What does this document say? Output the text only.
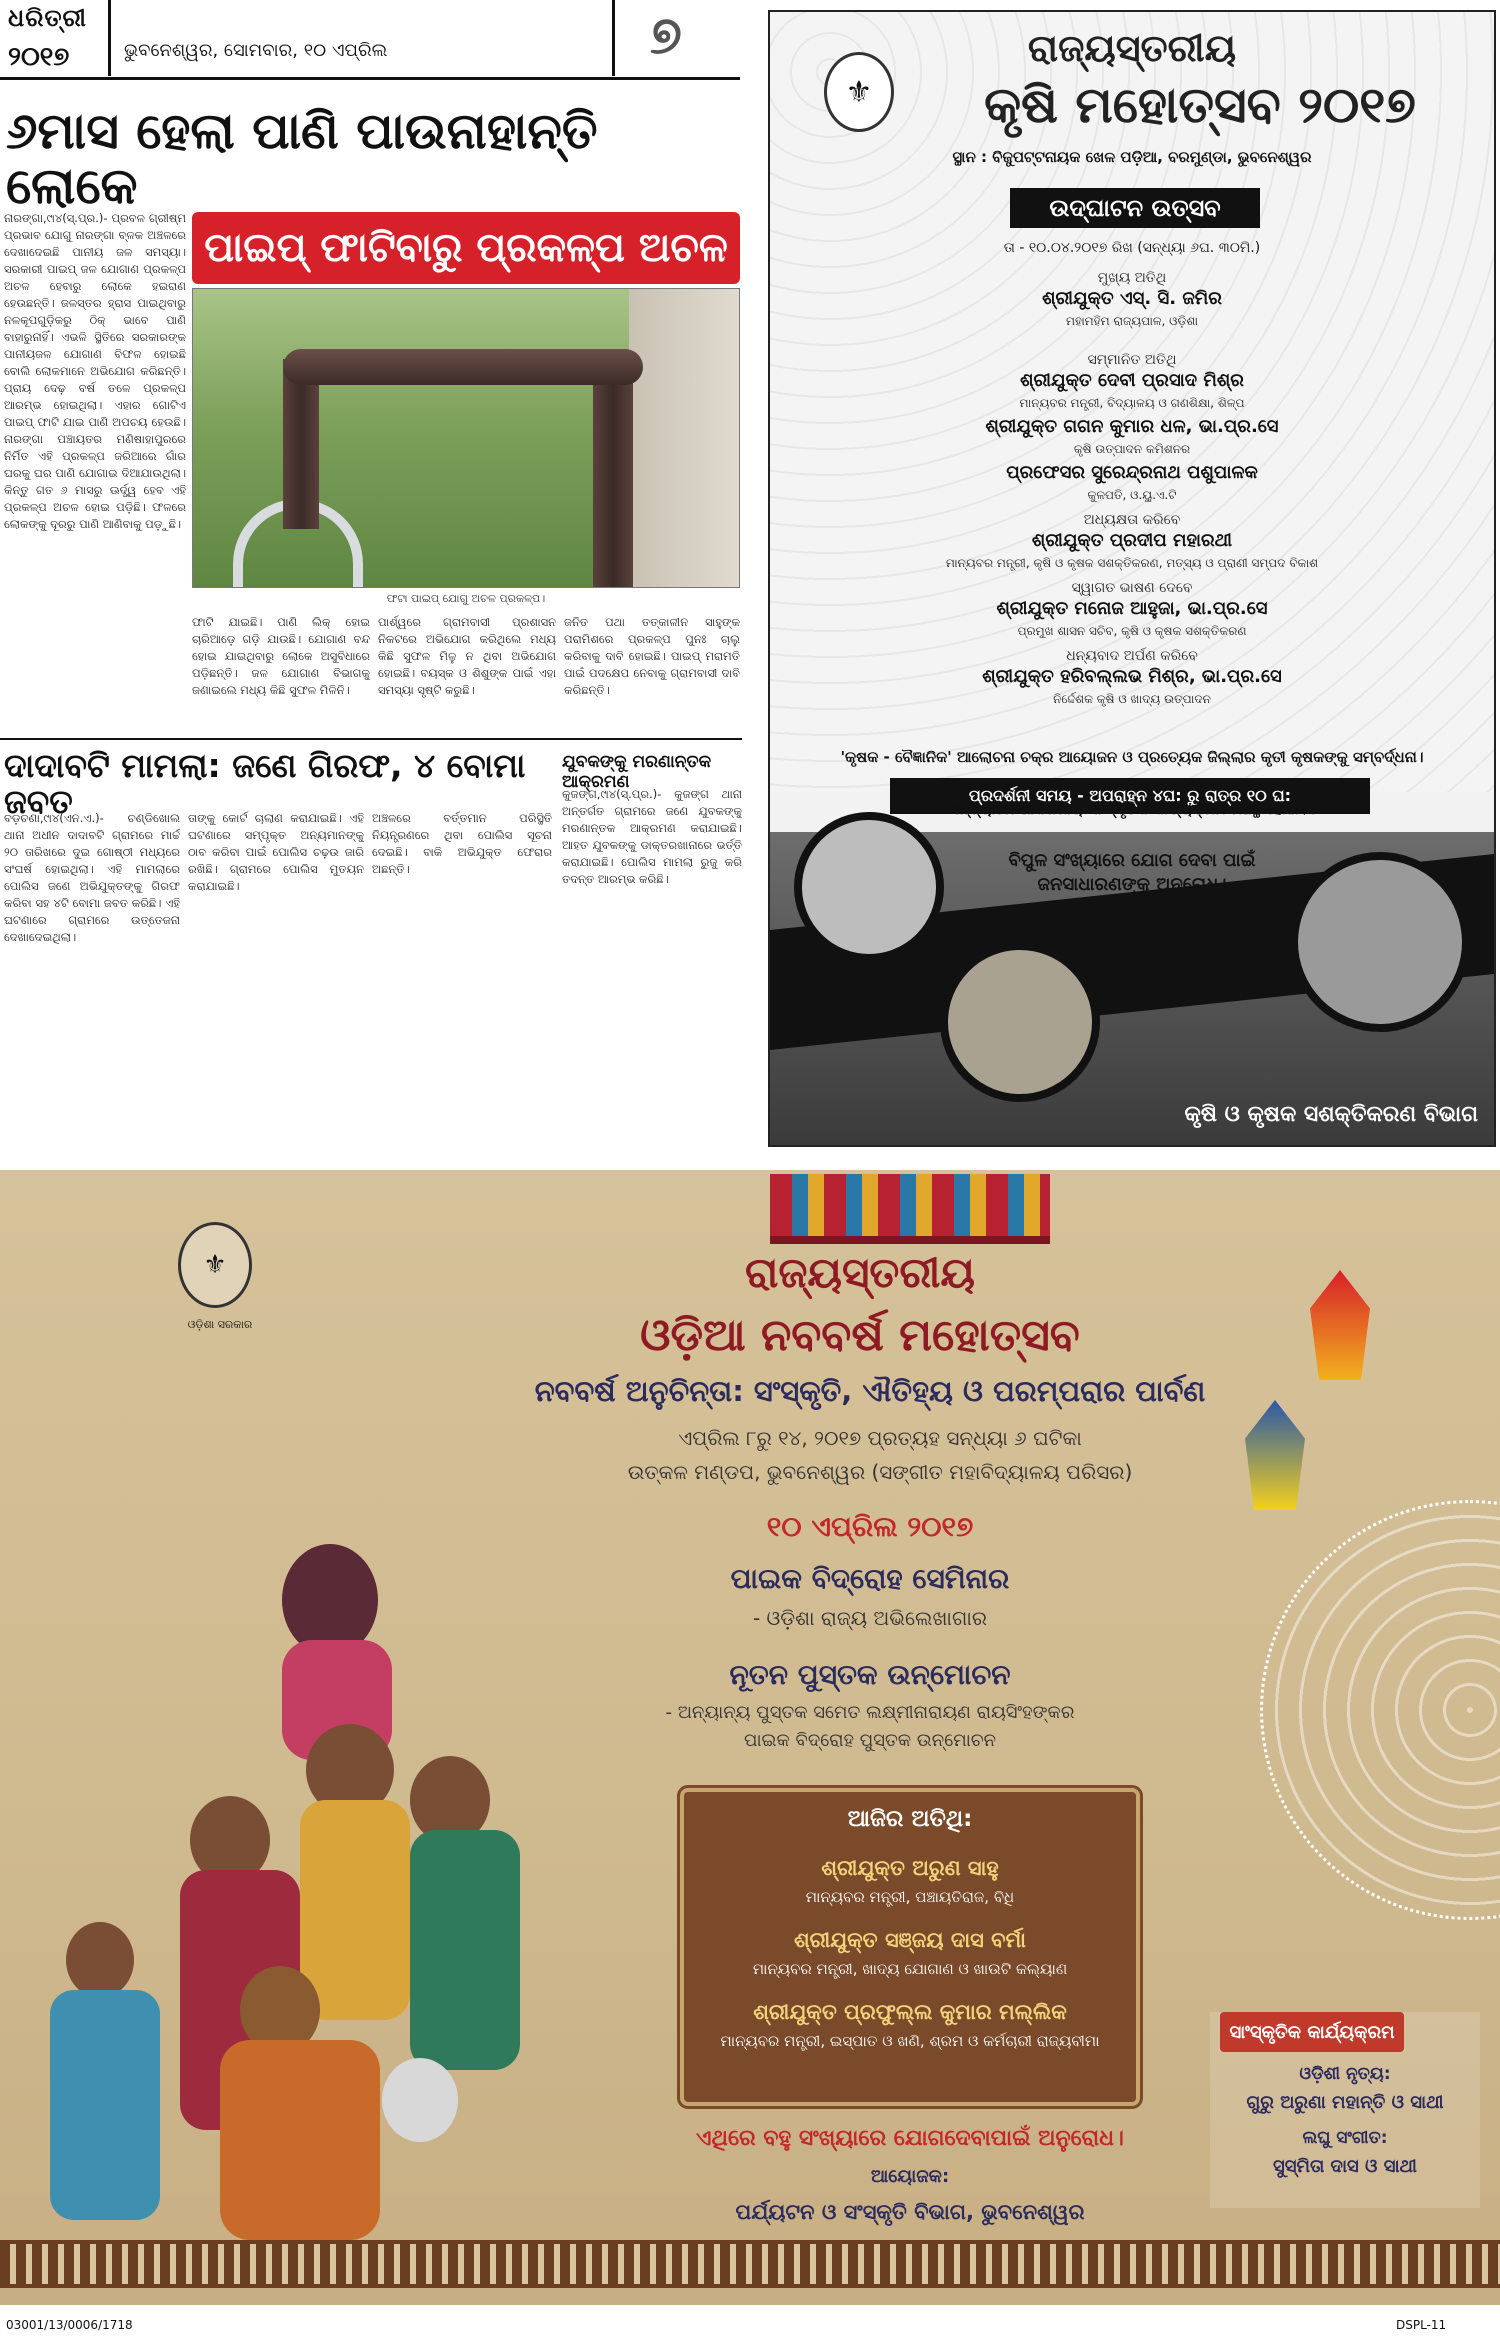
ଧରିତ୍ରୀ
୨୦୧୭	ଭୁବନେଶ୍ୱର, ସୋମବାର, ୧୦ ଏପ୍ରିଲ	୭
୬ମାସ ହେଲା ପାଣି ପାଉନାହାନ୍ତି ଲୋକେ
ନାରଙ୍ଗା,୯ା୪(ସ୍.ପ୍ର.)- ପ୍ରବଳ ଗ୍ରୀଷ୍ମ ପ୍ରଭାବ ଯୋଗୁ ନାରଙ୍ଗା ବ୍ଳକ ଅଞ୍ଚଳରେ ଦେଖାଦେଇଛି ପାନୀୟ ଜଳ ସମସ୍ୟା। ସରକାରୀ ପାଇପ୍ ଜଳ ଯୋଗାଣ ପ୍ରକଳ୍ପ ଅଚଳ ହେବାରୁ ଲୋକେ ହଇରାଣ ହେଉଛନ୍ତି। ଜଳସ୍ତର ହ୍ରାସ ପାଇଥିବାରୁ ନଳକୂପଗୁଡ଼ିକରୁ ଠିକ୍ ଭାବେ ପାଣି ବାହାରୁନାହିଁ। ଏଭଳି ସ୍ଥିତିରେ ସରକାରଙ୍କ ପାନୀୟଜଳ ଯୋଗାଣ ବିଫଳ ହୋଇଛି ବୋଲି ଲୋକମାନେ ଅଭିଯୋଗ କରିଛନ୍ତି। ପ୍ରାୟ ଦେଢ଼ ବର୍ଷ ତଳେ ପ୍ରକଳ୍ପ ଆରମ୍ଭ ହୋଇଥିଲା। ଏହାର ଗୋଟିଏ ପାଇପ୍ ଫାଟି ଯାଇ ପାଣି ଅପଚୟ ହେଉଛି। ନାରଙ୍ଗା ପଞ୍ଚାୟତର ମଣିଷାହାପୁରରେ ନିର୍ମିତ ଏହି ପ୍ରକଳ୍ପ ଜରିଆରେ ଗାଁର ଘରକୁ ଘର ପାଣି ଯୋଗାଇ ଦିଆଯାଉଥିଲା। କିନ୍ତୁ ଗତ ୬ ମାସରୁ ଊର୍ଦ୍ଧ୍ୱ ହେବ ଏହି ପ୍ରକଳ୍ପ ଅଚଳ ହୋଇ ପଡ଼ିଛି। ଫଳରେ ଲୋକଙ୍କୁ ଦୂରରୁ ପାଣି ଆଣିବାକୁ ପଡ଼ୁଛି।
ପାଇପ୍ ଫାଟିବାରୁ ପ୍ରକଳ୍ପ ଅଚଳ
ଫଟା ପାଇପ୍ ଯୋଗୁ ଅଚଳ ପ୍ରକଳ୍ପ।
ଫାଟି ଯାଇଛି। ପାଣି ଲିକ୍ ହୋଇ ଚାରିଆଡ଼େ ଗଡ଼ି ଯାଉଛି। ଯୋଗାଣ ବନ୍ଦ ହୋଇ ଯାଇଥିବାରୁ ଲୋକେ ଅସୁବିଧାରେ ପଡ଼ିଛନ୍ତି। ଜଳ ଯୋଗାଣ ବିଭାଗକୁ ଜଣାଇଲେ ମଧ୍ୟ କିଛି ସୁଫଳ ମିଳିନି।
ପାର୍ଶ୍ୱରେ ଗ୍ରାମବାସୀ ପ୍ରଶାସନ ନିକଟରେ ଅଭିଯୋଗ କରିଥିଲେ ମଧ୍ୟ କିଛି ସୁଫଳ ମିଳୁ ନ ଥିବା ଅଭିଯୋଗ ହୋଇଛି। ବୟସ୍କ ଓ ଶିଶୁଙ୍କ ପାଇଁ ଏହା ସମସ୍ୟା ସୃଷ୍ଟି କରୁଛି।
ଜନିତ ପଥା ତତ୍‌କାଳୀନ ସାହୁଙ୍କ ପରାମିଶରେ ପ୍ରକଳ୍ପ ପୁନଃ ଚାଲୁ କରିବାକୁ ଦାବି ହୋଇଛି। ପାଇପ୍ ମରାମତି ପାଇଁ ପଦକ୍ଷେପ ନେବାକୁ ଗ୍ରାମବାସୀ ଦାବି କରିଛନ୍ତି।
ଦାଦାବଟି ମାମଲା: ଜଣେ ଗିରଫ, ୪ ବୋମା ଜବତ
ଯୁବକଙ୍କୁ ମରଣାନ୍ତକ ଆକ୍ରମଣ
ବଡ଼ଚଣା,୯ା୪(ଏନ.ଏ.)- ଚଣ୍ଡିଖୋଲ ଥାନା ଅଧୀନ ଦାଦାବଟି ଗ୍ରାମରେ ମାର୍ଚ୍ଚ ୨୦ ତାରିଖରେ ଦୁଇ ଗୋଷ୍ଠୀ ମଧ୍ୟରେ ସଂଘର୍ଷ ହୋଇଥିଲା। ଏହି ମାମଲାରେ ପୋଲିସ ଜଣେ ଅଭିଯୁକ୍ତଙ୍କୁ ଗିରଫ କରିବା ସହ ୪ଟି ବୋମା ଜବତ କରିଛି। ଏହି ଘଟଣାରେ ଗ୍ରାମରେ ଉତ୍ତେଜନା ଦେଖାଦେଇଥିଲା।
ତାଙ୍କୁ କୋର୍ଟ ଚାଲାଣ କରାଯାଇଛି। ଏହି ଘଟଣାରେ ସମ୍ପୃକ୍ତ ଅନ୍ୟମାନଙ୍କୁ ଠାବ କରିବା ପାଇଁ ପୋଲିସ ଚଢ଼ଉ ଜାରି ରଖିଛି। ଗ୍ରାମରେ ପୋଲିସ ମୁତୟନ କରାଯାଇଛି।
ଅଞ୍ଚଳରେ ବର୍ତ୍ତମାନ ପରିସ୍ଥିତି ନିୟନ୍ତ୍ରଣରେ ଥିବା ପୋଲିସ ସୂଚନା ଦେଇଛି। ବାକି ଅଭିଯୁକ୍ତ ଫେରାର ଅଛନ୍ତି।
କୁଜଙ୍ଗ,୯ା୪(ସ୍.ପ୍ର.)- କୁଜଙ୍ଗ ଥାନା ଅନ୍ତର୍ଗତ ଗ୍ରାମରେ ଜଣେ ଯୁବକଙ୍କୁ ମରଣାନ୍ତକ ଆକ୍ରମଣ କରାଯାଇଛି। ଆହତ ଯୁବକଙ୍କୁ ଡାକ୍ତରଖାନାରେ ଭର୍ତ୍ତି କରାଯାଇଛି। ପୋଲିସ ମାମଲା ରୁଜୁ କରି ତଦନ୍ତ ଆରମ୍ଭ କରିଛି।
⚜
ରାଜ୍ୟସ୍ତରୀୟ
କୃଷି ମହୋତ୍ସବ ୨୦୧୭
ସ୍ଥାନ : ବିଜୁପଟ୍ଟନାୟକ ଖେଳ ପଡ଼ିଆ, ବରମୁଣ୍ଡା, ଭୁବନେଶ୍ୱର
ଉଦ୍‌ଘାଟନ ଉତ୍ସବ
ତା - ୧୦.୦୪.୨୦୧୭ ରିଖ (ସନ୍ଧ୍ୟା ୬ଘ. ୩୦ମି.)
ମୁଖ୍ୟ ଅତିଥି
ଶ୍ରୀଯୁକ୍ତ ଏସ୍. ସି. ଜମିର
ମହାମହିମ ରାଜ୍ୟପାଳ, ଓଡ଼ିଶା
ସମ୍ମାନିତ ଅତିଥି
ଶ୍ରୀଯୁକ୍ତ ଦେବୀ ପ୍ରସାଦ ମିଶ୍ର
ମାନ୍ୟବର ମନ୍ତ୍ରୀ, ବିଦ୍ୟାଳୟ ଓ ଗଣଶିକ୍ଷା, ଶିଳ୍ପ
ଶ୍ରୀଯୁକ୍ତ ଗଗନ କୁମାର ଧଳ, ଭା.ପ୍ର.ସେ
କୃଷି ଉତ୍ପାଦନ କମିଶନର
ପ୍ରଫେସର ସୁରେନ୍ଦ୍ରନାଥ ପଶୁପାଳକ
କୁଳପତି, ଓ.ୟୁ.ଏ.ଟି
ଅଧ୍ୟକ୍ଷତା କରିବେ
ଶ୍ରୀଯୁକ୍ତ ପ୍ରଦୀପ ମହାରଥୀ
ମାନ୍ୟବର ମନ୍ତ୍ରୀ, କୃଷି ଓ କୃଷକ ସଶକ୍ତିକରଣ, ମତ୍ସ୍ୟ ଓ ପ୍ରାଣୀ ସମ୍ପଦ ବିକାଶ
ସ୍ୱାଗତ ଭାଷଣ ଦେବେ
ଶ୍ରୀଯୁକ୍ତ ମନୋଜ ଆହୁଜା, ଭା.ପ୍ର.ସେ
ପ୍ରମୁଖ ଶାସନ ସଚିବ, କୃଷି ଓ କୃଷକ ସଶକ୍ତିକରଣ
ଧନ୍ୟବାଦ ଅର୍ପଣ କରିବେ
ଶ୍ରୀଯୁକ୍ତ ହରିବଲ୍ଲଭ ମିଶ୍ର, ଭା.ପ୍ର.ସେ
ନିର୍ଦ୍ଦେଶକ କୃଷି ଓ ଖାଦ୍ୟ ଉତ୍ପାଦନ
'କୃଷକ - ବୈଜ୍ଞାନିକ' ଆଲୋଚନା ଚକ୍ର ଆୟୋଜନ ଓ ପ୍ରତ୍ୟେକ ଜିଲ୍ଲାର କୃତୀ କୃଷକଙ୍କୁ ସମ୍ବର୍ଦ୍ଧନା।
ପ୍ରଦର୍ଶନୀ ସମୟ - ଅପରାହ୍ନ ୪ଘ: ରୁ ରାତ୍ର ୧୦ ଘ:
ସନ୍ଧ୍ୟାରେ ଆକର୍ଷଣୀୟ ସାଂସ୍କୃତିକ କାର୍ଯ୍ୟକ୍ରମ ମଞ୍ଚସ୍ଥ ହୋଇବ।
ବିପୁଳ ସଂଖ୍ୟାରେ ଯୋଗ ଦେବା ପାଇଁ
ଜନସାଧାରଣଙ୍କୁ ଅନୁରୋଧ।
କୃଷି ଓ କୃଷକ ସଶକ୍ତିକରଣ ବିଭାଗ
⚜
ଓଡ଼ିଶା ସରକାର
ରାଜ୍ୟସ୍ତରୀୟ
ଓଡ଼ିଆ ନବବର୍ଷ ମହୋତ୍ସବ
ନବବର୍ଷ ଅନୁଚିନ୍ତା: ସଂସ୍କୃତି, ଐତିହ୍ୟ ଓ ପରମ୍ପରାର ପାର୍ବଣ
ଏପ୍ରିଲ ୮ରୁ ୧୪, ୨୦୧୭ ପ୍ରତ୍ୟହ ସନ୍ଧ୍ୟା ୬ ଘଟିକା
ଉତ୍କଳ ମଣ୍ଡପ, ଭୁବନେଶ୍ୱର (ସଙ୍ଗୀତ ମହାବିଦ୍ୟାଳୟ ପରିସର)
୧୦ ଏପ୍ରିଲ ୨୦୧୭
ପାଇକ ବିଦ୍ରୋହ ସେମିନାର
- ଓଡ଼ିଶା ରାଜ୍ୟ ଅଭିଲେଖାଗାର
ନୂତନ ପୁସ୍ତକ ଉନ୍ମୋଚନ
- ଅନ୍ୟାନ୍ୟ ପୁସ୍ତକ ସମେତ ଲକ୍ଷ୍ମୀନାରାୟଣ ରାୟସିଂହଙ୍କର
ପାଇକ ବିଦ୍ରୋହ ପୁସ୍ତକ ଉନ୍ମୋଚନ
ଆଜିର ଅତିଥି:
ଶ୍ରୀଯୁକ୍ତ ଅରୁଣ ସାହୁ
ମାନ୍ୟବର ମନ୍ତ୍ରୀ, ପଞ୍ଚାୟତିରାଜ, ବିଧି
ଶ୍ରୀଯୁକ୍ତ ସଞ୍ଜୟ ଦାସ ବର୍ମା
ମାନ୍ୟବର ମନ୍ତ୍ରୀ, ଖାଦ୍ୟ ଯୋଗାଣ ଓ ଖାଉଟି କଲ୍ୟାଣ
ଶ୍ରୀଯୁକ୍ତ ପ୍ରଫୁଲ୍ଲ କୁମାର ମଲ୍ଲିକ
ମାନ୍ୟବର ମନ୍ତ୍ରୀ, ଇସ୍ପାତ ଓ ଖଣି, ଶ୍ରମ ଓ କର୍ମଚାରୀ ରାଜ୍ୟବୀମା
ଏଥିରେ ବହୁ ସଂଖ୍ୟାରେ ଯୋଗଦେବାପାଇଁ ଅନୁରୋଧ।
ଆୟୋଜକ:
ପର୍ଯ୍ୟଟନ ଓ ସଂସ୍କୃତି ବିଭାଗ, ଭୁବନେଶ୍ୱର
ସାଂସ୍କୃତିକ କାର୍ଯ୍ୟକ୍ରମ
ଓଡ଼ିଶୀ ନୃତ୍ୟ:
ଗୁରୁ ଅରୁଣା ମହାନ୍ତି ଓ ସାଥୀ
ଲଘୁ ସଂଗୀତ:
ସୁସ୍ମିତା ଦାସ ଓ ସାଥୀ
03001/13/0006/1718	DSPL-11
